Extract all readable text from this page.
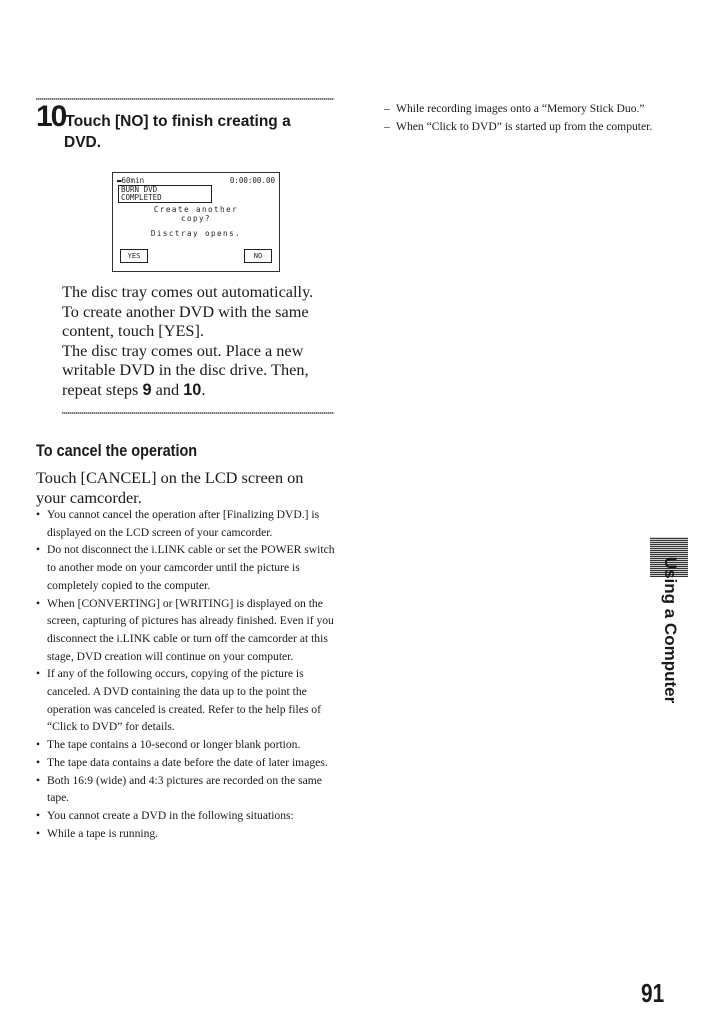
10Touch [NO] to finish creating a
DVD.
▬60min	0:00:00.00
BURN DVD
COMPLETED
Create another
copy?
Disctray opens.
YES	NO

The disc tray comes out automatically.
To create another DVD with the same
content, touch [YES].
The disc tray comes out. Place a new
writable DVD in the disc drive. Then,
repeat steps 9 and 10.

To cancel the operation

Touch [CANCEL] on the LCD screen on
your camcorder.

• You cannot cancel the operation after [Finalizing DVD.] is displayed on the LCD screen of your camcorder.
• Do not disconnect the i.LINK cable or set the POWER switch to another mode on your camcorder until the picture is completely copied to the computer.
• When [CONVERTING] or [WRITING] is displayed on the screen, capturing of pictures has already finished. Even if you disconnect the i.LINK cable or turn off the camcorder at this stage, DVD creation will continue on your computer.
• If any of the following occurs, copying of the picture is canceled. A DVD containing the data up to the point the operation was canceled is created. Refer to the help files of “Click to DVD” for details.
• The tape contains a 10-second or longer blank portion.
• The tape data contains a date before the date of later images.
• Both 16:9 (wide) and 4:3 pictures are recorded on the same tape.
• You cannot create a DVD in the following situations:
• While a tape is running.
– While recording images onto a “Memory Stick Duo.”
– When “Click to DVD” is started up from the computer.
Using a Computer
91
